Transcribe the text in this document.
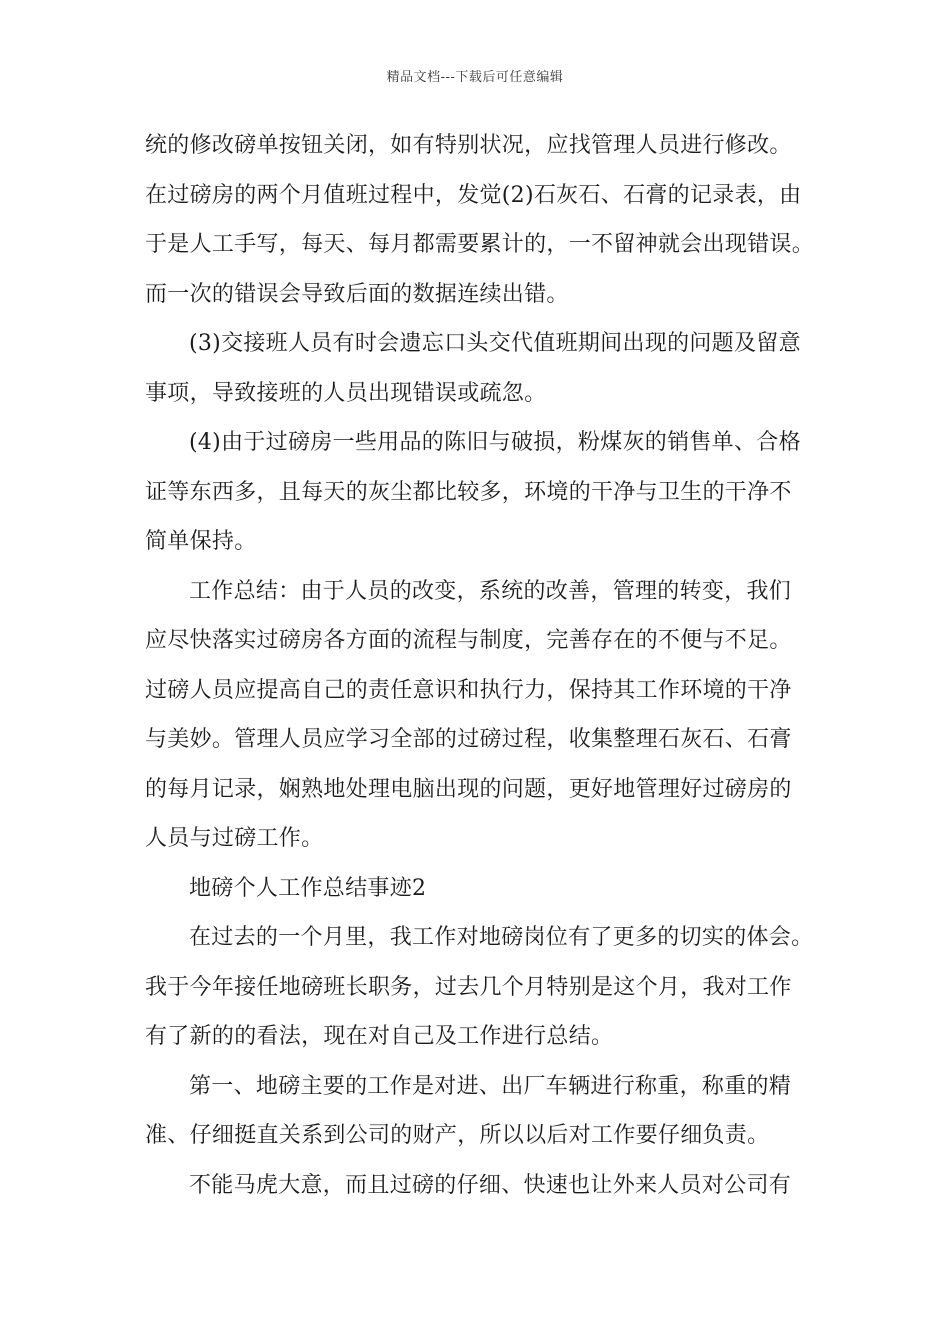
精品文档---下载后可任意编辑
统的修改磅单按钮关闭，如有特别状况，应找管理人员进行修改。
在过磅房的两个月值班过程中，发觉(2)石灰石、石膏的记录表，由
于是人工手写，每天、每月都需要累计的，一不留神就会出现错误。
而一次的错误会导致后面的数据连续出错。
(3)交接班人员有时会遗忘口头交代值班期间出现的问题及留意
事项，导致接班的人员出现错误或疏忽。
(4)由于过磅房一些用品的陈旧与破损，粉煤灰的销售单、合格
证等东西多，且每天的灰尘都比较多，环境的干净与卫生的干净不
简单保持。
工作总结：由于人员的改变，系统的改善，管理的转变，我们
应尽快落实过磅房各方面的流程与制度，完善存在的不便与不足。
过磅人员应提高自己的责任意识和执行力，保持其工作环境的干净
与美妙。管理人员应学习全部的过磅过程，收集整理石灰石、石膏
的每月记录，娴熟地处理电脑出现的问题，更好地管理好过磅房的
人员与过磅工作。
地磅个人工作总结事迹2
在过去的一个月里，我工作对地磅岗位有了更多的切实的体会。
我于今年接任地磅班长职务，过去几个月特别是这个月，我对工作
有了新的的看法，现在对自己及工作进行总结。
第一、地磅主要的工作是对进、出厂车辆进行称重，称重的精
准、仔细挺直关系到公司的财产，所以以后对工作要仔细负责。
不能马虎大意，而且过磅的仔细、快速也让外来人员对公司有
